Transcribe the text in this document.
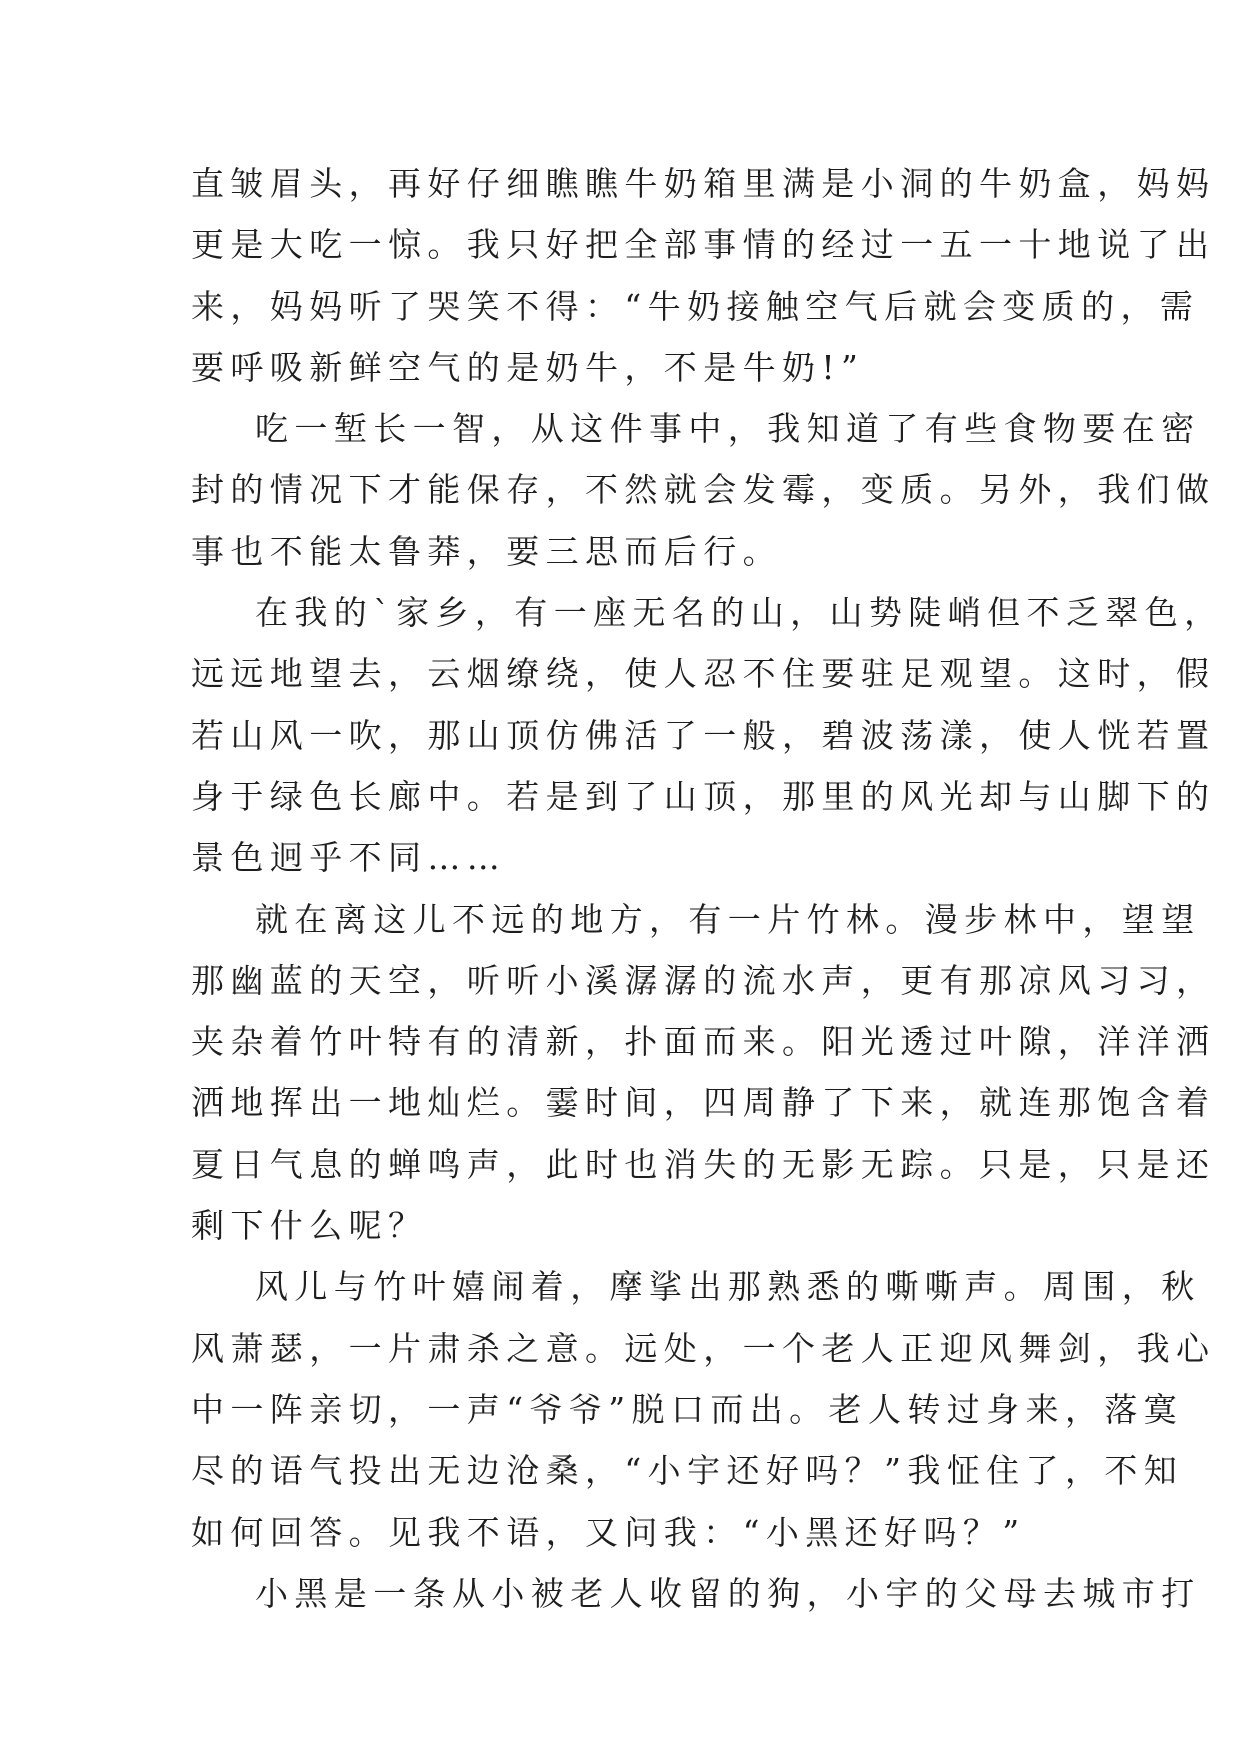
直皱眉头，再好仔细瞧瞧牛奶箱里满是小洞的牛奶盒，妈妈
更是大吃一惊。我只好把全部事情的经过一五一十地说了出
来，妈妈听了哭笑不得：“牛奶接触空气后就会变质的，需
要呼吸新鲜空气的是奶牛，不是牛奶!”
吃一堑长一智，从这件事中，我知道了有些食物要在密
封的情况下才能保存，不然就会发霉，变质。另外，我们做
事也不能太鲁莽，要三思而后行。
在我的`家乡，有一座无名的山，山势陡峭但不乏翠色，
远远地望去，云烟缭绕，使人忍不住要驻足观望。这时，假
若山风一吹，那山顶仿佛活了一般，碧波荡漾，使人恍若置
身于绿色长廊中。若是到了山顶，那里的风光却与山脚下的
景色迥乎不同……
就在离这儿不远的地方，有一片竹林。漫步林中，望望
那幽蓝的天空，听听小溪潺潺的流水声，更有那凉风习习，
夹杂着竹叶特有的清新，扑面而来。阳光透过叶隙，洋洋洒
洒地挥出一地灿烂。霎时间，四周静了下来，就连那饱含着
夏日气息的蝉鸣声，此时也消失的无影无踪。只是，只是还
剩下什么呢？
风儿与竹叶嬉闹着，摩挲出那熟悉的嘶嘶声。周围，秋
风萧瑟，一片肃杀之意。远处，一个老人正迎风舞剑，我心
中一阵亲切，一声“爷爷”脱口而出。老人转过身来，落寞
尽的语气投出无边沧桑，“小宇还好吗？”我怔住了，不知
如何回答。见我不语，又问我：“小黑还好吗？”
小黑是一条从小被老人收留的狗，小宇的父母去城市打
